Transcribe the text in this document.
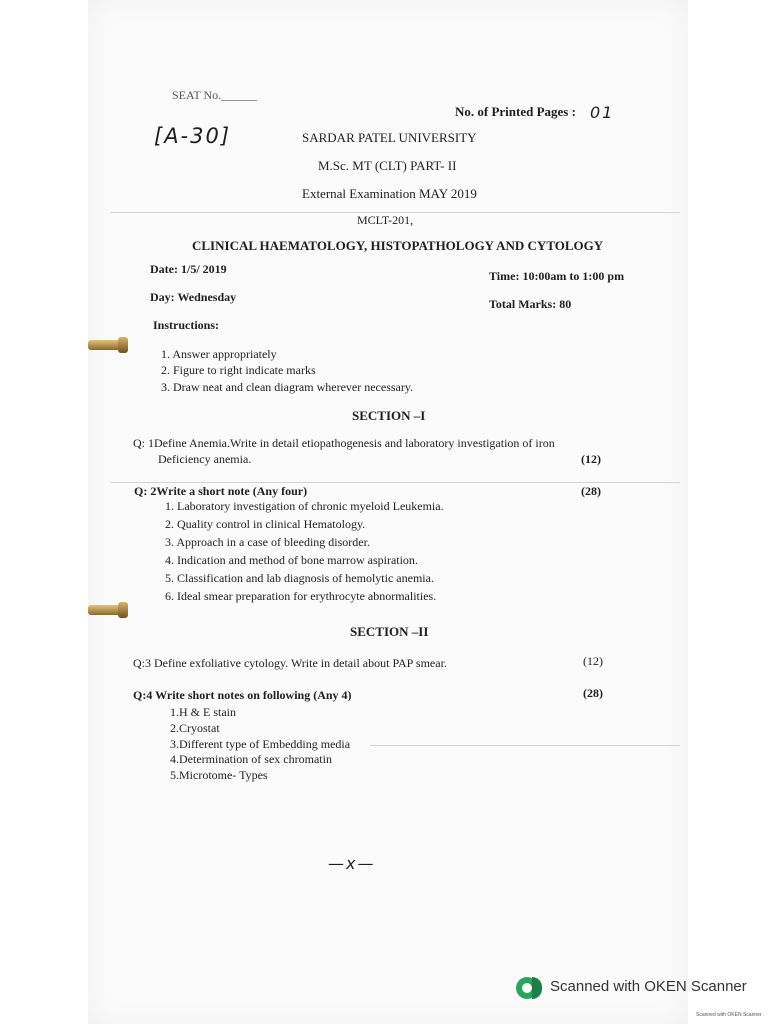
SEAT No.______
No. of Printed Pages : 01
[A-30]	SARDAR PATEL UNIVERSITY
M.Sc. MT (CLT) PART- II
External Examination MAY 2019
MCLT-201,
CLINICAL HAEMATOLOGY, HISTOPATHOLOGY AND CYTOLOGY
Date: 1/5/ 2019	Time: 10:00am to 1:00 pm
Day: Wednesday	Total Marks: 80
Instructions:
1. Answer appropriately
2. Figure to right indicate marks
3. Draw neat and clean diagram wherever necessary.
SECTION –I
Q: 1Define Anemia.Write in detail etiopathogenesis and laboratory investigation of iron
Deficiency anemia.	(12)
Q: 2Write a short note (Any four)	(28)
1. Laboratory investigation of chronic myeloid Leukemia.
2. Quality control in clinical Hematology.
3. Approach in a case of bleeding disorder.
4. Indication and method of bone marrow aspiration.
5. Classification and lab diagnosis of hemolytic anemia.
6. Ideal smear preparation for erythrocyte abnormalities.
SECTION –II
Q:3 Define exfoliative cytology. Write in detail about PAP smear.	(12)
Q:4 Write short notes on following (Any 4)	(28)
1.H & E stain
2.Cryostat
3.Different type of Embedding media
4.Determination of sex chromatin
5.Microtome- Types
—x—
Scanned with OKEN Scanner
Scanned with OKEN Scanner
